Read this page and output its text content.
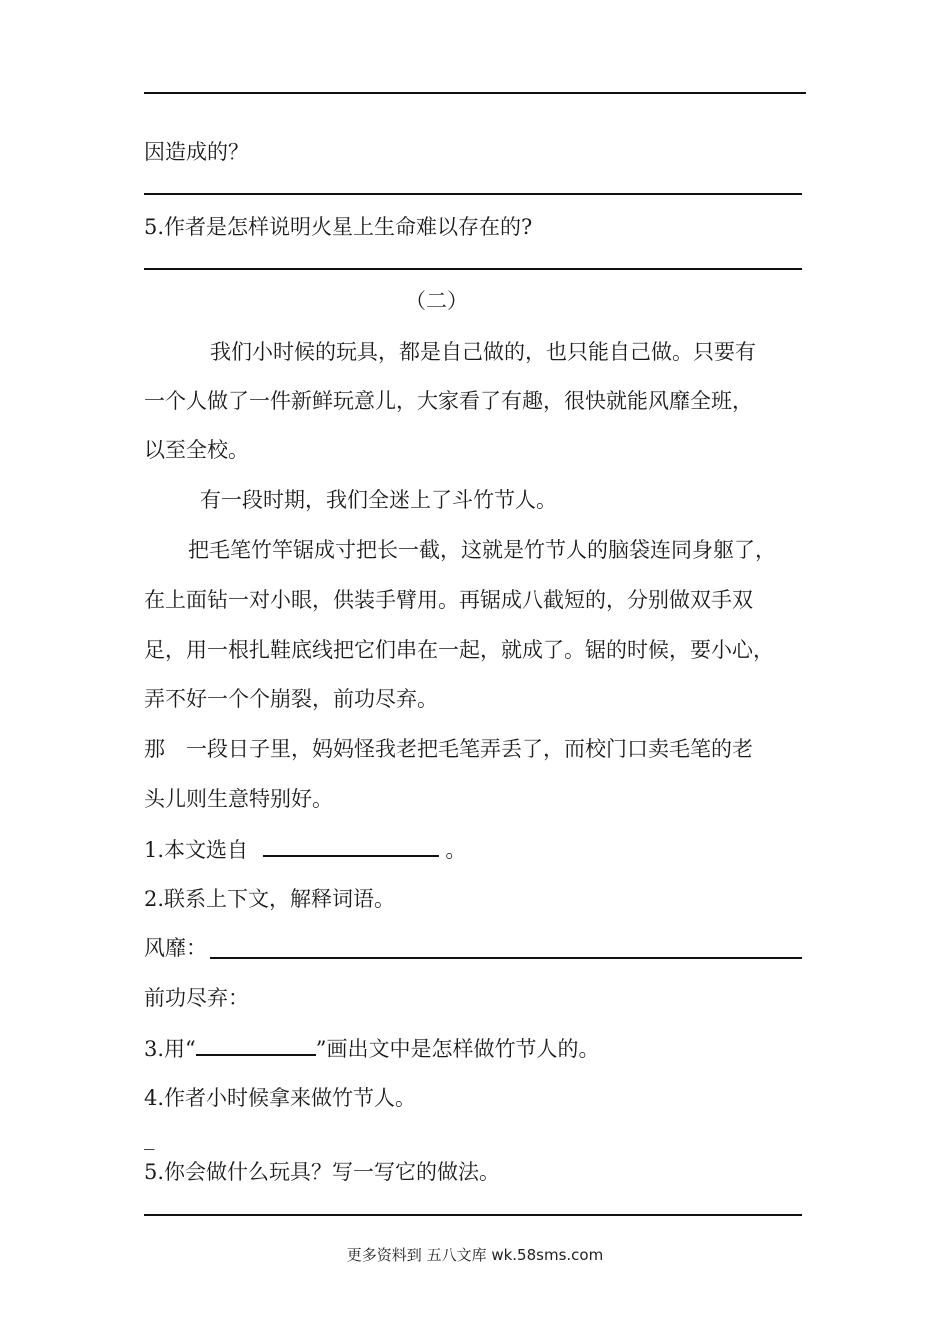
因造成的？
5.作者是怎样说明火星上生命难以存在的?
（二）
我们小时候的玩具，都是自己做的，也只能自己做。只要有
一个人做了一件新鲜玩意儿，大家看了有趣，很快就能风靡全班，
以至全校。
有一段时期，我们全迷上了斗竹节人。
把毛笔竹竿锯成寸把长一截，这就是竹节人的脑袋连同身躯了，
在上面钻一对小眼，供装手臂用。再锯成八截短的，分别做双手双
足，用一根扎鞋底线把它们串在一起，就成了。锯的时候，要小心，
弄不好一个个崩裂，前功尽弃。
那　一段日子里，妈妈怪我老把毛笔弄丢了，而校门口卖毛笔的老
头儿则生意特别好。
1.本文选自	。
2.联系上下文，解释词语。
风靡：
前功尽弃：
3.用“	”画出文中是怎样做竹节人的。
4.作者小时候拿来做竹节人。
_
5.你会做什么玩具？写一写它的做法。
更多资料到 五八文库 wk.58sms.com
